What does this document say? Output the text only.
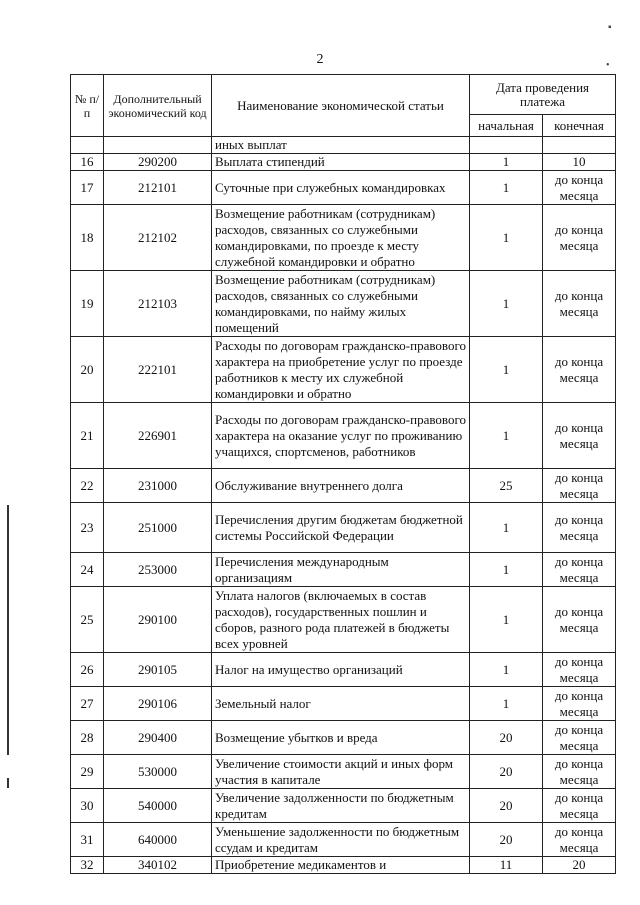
2
№ п/п	Дополнительный экономический код	Наименование экономической статьи	Дата проведения платежа	
			начальная	конечная
		иных выплат		
16	290200	Выплата стипендий	1	10
17	212101	Суточные при служебных командировках	1	до конца месяца
18	212102	Возмещение работникам (сотрудникам) расходов, связанных со служебными командировками, по проезде к месту служебной командировки и обратно	1	до конца месяца
19	212103	Возмещение работникам (сотрудникам) расходов, связанных со служебными командировками, по найму жилых помещений	1	до конца месяца
20	222101	Расходы по договорам гражданско-правового характера на приобретение услуг по проезде работников к месту их служебной командировки и обратно	1	до конца месяца
21	226901	Расходы по договорам гражданско-правового характера на оказание услуг по проживанию учащихся, спортсменов, работников	1	до конца месяца
22	231000	Обслуживание внутреннего долга	25	до конца месяца
23	251000	Перечисления другим бюджетам бюджетной системы Российской Федерации	1	до конца месяца
24	253000	Перечисления международным организациям	1	до конца месяца
25	290100	Уплата налогов (включаемых в состав расходов), государственных пошлин и сборов, разного рода платежей в бюджеты всех уровней	1	до конца месяца
26	290105	Налог на имущество организаций	1	до конца месяца
27	290106	Земельный налог	1	до конца месяца
28	290400	Возмещение убытков и вреда	20	до конца месяца
29	530000	Увеличение стоимости акций и иных форм участия в капитале	20	до конца месяца
30	540000	Увеличение задолженности по бюджетным кредитам	20	до конца месяца
31	640000	Уменьшение задолженности по бюджетным ссудам и кредитам	20	до конца месяца
32	340102	Приобретение медикаментов и	11	20
▪
•
